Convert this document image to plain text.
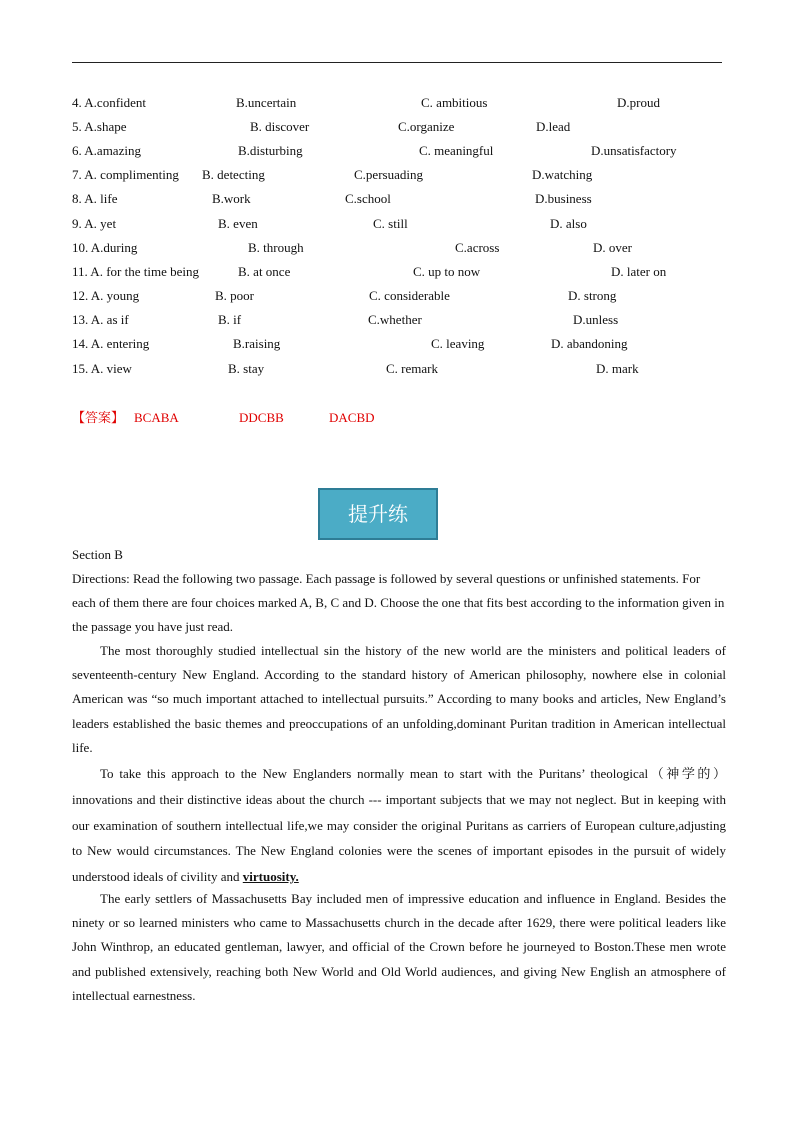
4. A.confident	B.uncertain	C. ambitious	D.proud
5. A.shape	B. discover	C.organize	D.lead
6. A.amazing	B.disturbing	C. meaningful	D.unsatisfactory
7. A. complimenting B. detecting	C.persuading	D.watching
8. A. life	B.work	C.school	D.business
9. A. yet	B. even	C. still	D. also
10. A.during	B. through	C.across	D. over
11. A. for the time being	B. at once	C. up to now	D. later on
12. A. young	B. poor	C. considerable	D. strong
13. A. as if	B. if	C.whether	D.unless
14. A. entering	B.raising	C. leaving	D. abandoning
15. A. view	B. stay	C. remark	D. mark
【答案】 BCABA	DDCBB	DACBD
提升练
Section B
Directions: Read the following two passage. Each passage is followed by several questions or unfinished statements. For each of them there are four choices marked A, B, C and D. Choose the one that fits best according to the information given in the passage you have just read.
The most thoroughly studied intellectual sin the history of the new world are the ministers and political leaders of seventeenth-century New England. According to the standard history of American philosophy, nowhere else in colonial American was “so much important attached to intellectual pursuits.” According to many books and articles, New England’s leaders established the basic themes and preoccupations of an unfolding,dominant Puritan tradition in American intellectual life.
To take this approach to the New Englanders normally mean to start with the Puritans’ theological（神学的）innovations and their distinctive ideas about the church --- important subjects that we may not neglect. But in keeping with our examination of southern intellectual life,we may consider the original Puritans as carriers of European culture,adjusting to New would circumstances. The New England colonies were the scenes of important episodes in the pursuit of widely understood ideals of civility and virtuosity.
The early settlers of Massachusetts Bay included men of impressive education and influence in England. Besides the ninety or so learned ministers who came to Massachusetts church in the decade after 1629, there were political leaders like John Winthrop, an educated gentleman, lawyer, and official of the Crown before he journeyed to Boston.These men wrote and published extensively, reaching both New World and Old World audiences, and giving New English an atmosphere of intellectual earnestness.
